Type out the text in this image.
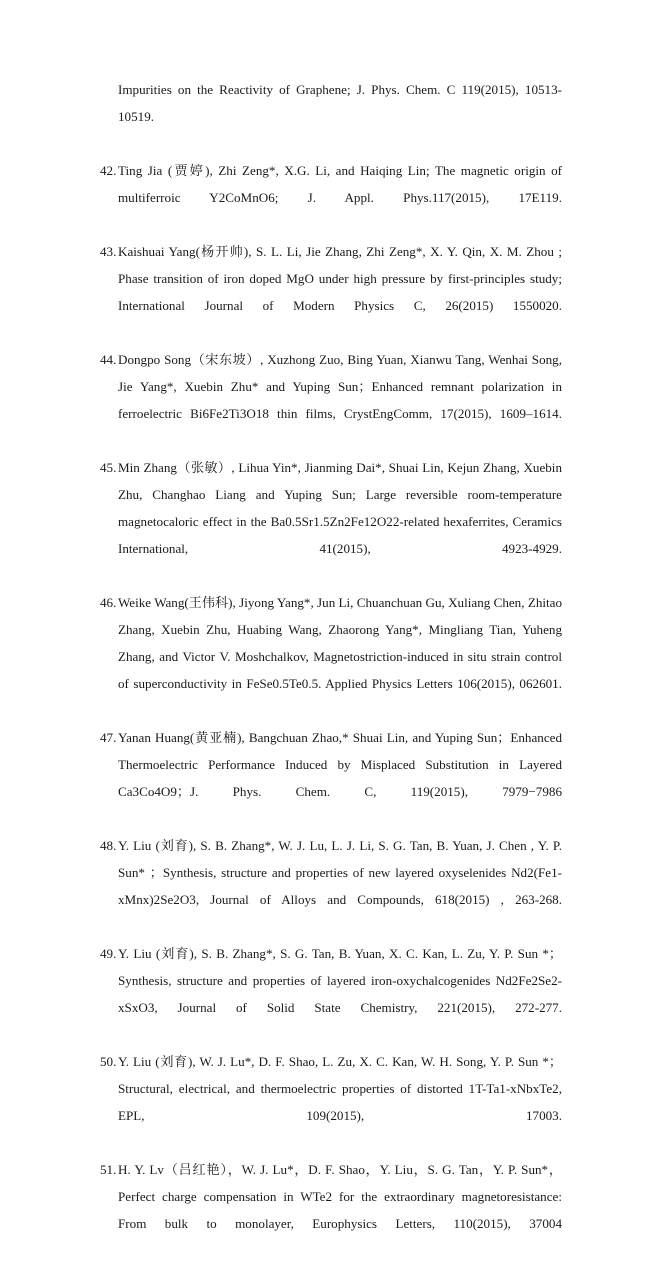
Impurities on the Reactivity of Graphene; J. Phys. Chem. C 119(2015), 10513-10519.

42. Ting Jia (贾婷), Zhi Zeng*, X.G. Li, and Haiqing Lin; The magnetic origin of multiferroic Y2CoMnO6; J. Appl. Phys.117(2015), 17E119.
43. Kaishuai Yang(杨开帅), S. L. Li, Jie Zhang, Zhi Zeng*, X. Y. Qin, X. M. Zhou ; Phase transition of iron doped MgO under high pressure by first-principles study; International Journal of Modern Physics C, 26(2015) 1550020.
44. Dongpo Song（宋东坡）, Xuzhong Zuo, Bing Yuan, Xianwu Tang, Wenhai Song, Jie Yang*, Xuebin Zhu* and Yuping Sun；Enhanced remnant polarization in ferroelectric Bi6Fe2Ti3O18 thin films, CrystEngComm, 17(2015), 1609–1614.
45. Min Zhang（张敏）, Lihua Yin*, Jianming Dai*, Shuai Lin, Kejun Zhang, Xuebin Zhu, Changhao Liang and Yuping Sun; Large reversible room-temperature magnetocaloric effect in the Ba0.5Sr1.5Zn2Fe12O22-related hexaferrites, Ceramics International, 41(2015), 4923-4929.
46. Weike Wang(王伟科), Jiyong Yang*, Jun Li, Chuanchuan Gu, Xuliang Chen, Zhitao Zhang, Xuebin Zhu, Huabing Wang, Zhaorong Yang*, Mingliang Tian, Yuheng Zhang, and Victor V. Moshchalkov, Magnetostriction-induced in situ strain control of superconductivity in FeSe0.5Te0.5. Applied Physics Letters 106(2015), 062601.
47. Yanan Huang(黄亚楠), Bangchuan Zhao,* Shuai Lin, and Yuping Sun；Enhanced Thermoelectric Performance Induced by Misplaced Substitution in Layered Ca3Co4O9；J. Phys. Chem. C, 119(2015), 7979−7986
48. Y. Liu (刘育), S. B. Zhang*, W. J. Lu, L. J. Li, S. G. Tan, B. Yuan, J. Chen , Y. P. Sun* ；Synthesis, structure and properties of new layered oxyselenides Nd2(Fe1-xMnx)2Se2O3, Journal of Alloys and Compounds, 618(2015) , 263-268.
49. Y. Liu (刘育), S. B. Zhang*, S. G. Tan, B. Yuan, X. C. Kan, L. Zu, Y. P. Sun *；Synthesis, structure and properties of layered iron-oxychalcogenides Nd2Fe2Se2-xSxO3, Journal of Solid State Chemistry, 221(2015), 272-277.
50. Y. Liu (刘育), W. J. Lu*, D. F. Shao, L. Zu, X. C. Kan, W. H. Song, Y. P. Sun *；Structural, electrical, and thermoelectric properties of distorted 1T-Ta1-xNbxTe2, EPL, 109(2015), 17003.
51. H. Y. Lv（吕红艳），W. J. Lu*，D. F. Shao，Y. Liu，S. G. Tan，Y. P. Sun*，Perfect charge compensation in WTe2 for the extraordinary magnetoresistance: From bulk to monolayer, Europhysics Letters, 110(2015), 37004
